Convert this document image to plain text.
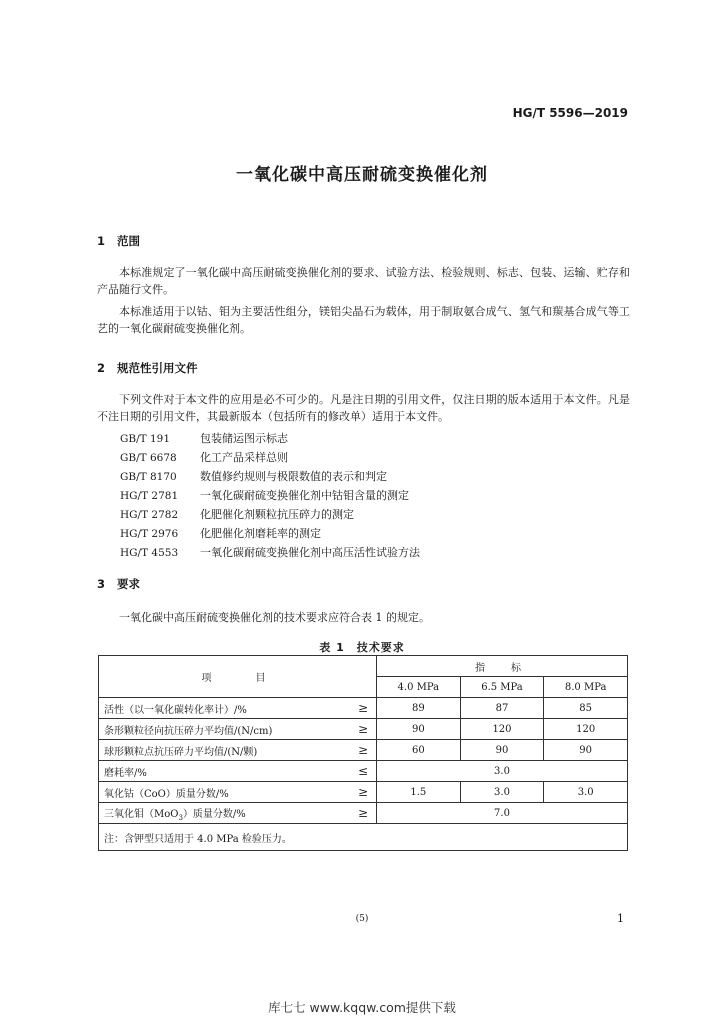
HG/T 5596—2019
一氧化碳中高压耐硫变换催化剂
1 范围
本标准规定了一氧化碳中高压耐硫变换催化剂的要求、试验方法、检验规则、标志、包装、运输、贮存和产品随行文件。
本标准适用于以钴、钼为主要活性组分，镁铝尖晶石为载体，用于制取氨合成气、氢气和羰基合成气等工艺的一氧化碳耐硫变换催化剂。
2 规范性引用文件
下列文件对于本文件的应用是必不可少的。凡是注日期的引用文件，仅注日期的版本适用于本文件。凡是不注日期的引用文件，其最新版本（包括所有的修改单）适用于本文件。
GB/T 191	包装储运图示标志
GB/T 6678 化工产品采样总则
GB/T 8170 数值修约规则与极限数值的表示和判定
HG/T 2781 一氧化碳耐硫变换催化剂中钴钼含量的测定
HG/T 2782 化肥催化剂颗粒抗压碎力的测定
HG/T 2976 化肥催化剂磨耗率的测定
HG/T 4553 一氧化碳耐硫变换催化剂中高压活性试验方法
3 要求
一氧化碳中高压耐硫变换催化剂的技术要求应符合表 1 的规定。
表 1　技术要求
项　　目		指　标		
		4.0 MPa	6.5 MPa	8.0 MPa
活性（以一氧化碳转化率计）/%	≥	89	87	85
条形颗粒径向抗压碎力平均值/(N/cm)	≥	90	120	120
球形颗粒点抗压碎力平均值/(N/颗)	≥	60	90	90
磨耗率/%	≤	3.0		
氧化钴（CoO）质量分数/%	≥	1.5	3.0	3.0
三氧化钼（MoO$_3$）质量分数/%	≥	7.0		
注：含钾型只适用于 4.0 MPa 检验压力。				
(5)	1
库七七 www.kqqw.com提供下载
